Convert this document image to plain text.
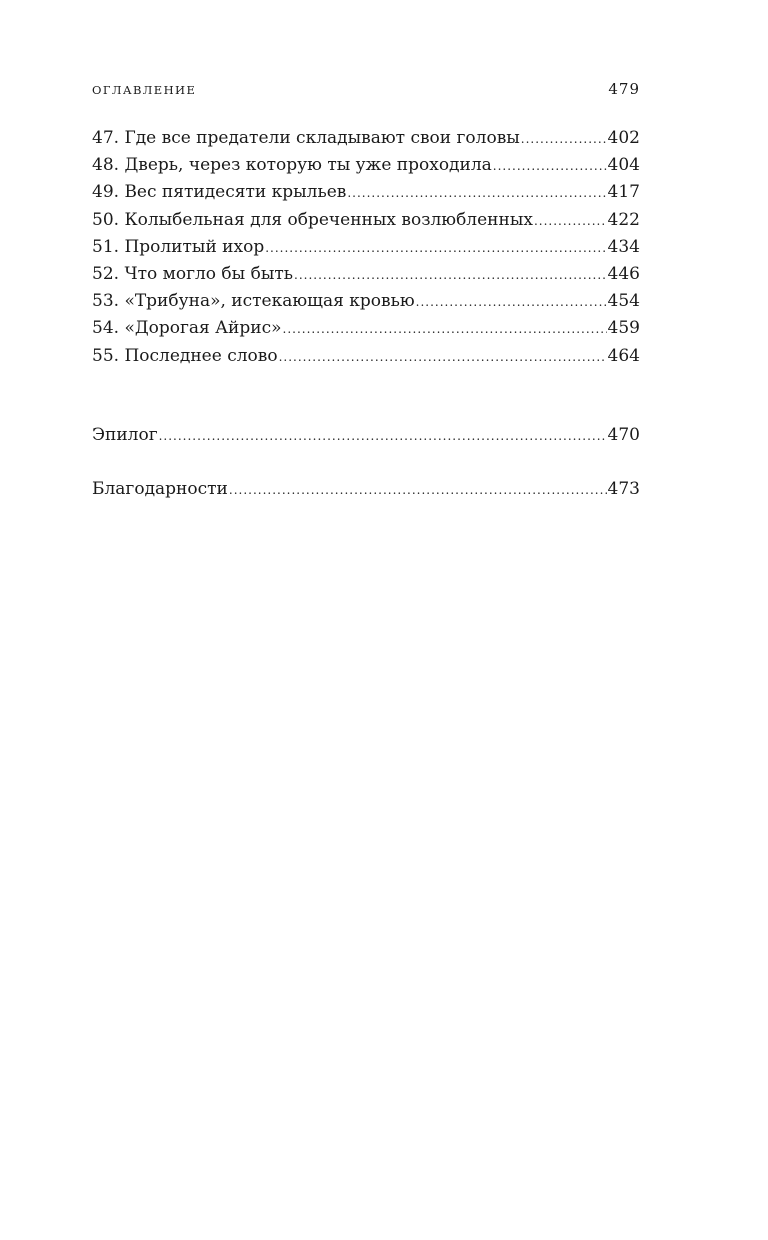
ОГЛАВЛЕНИЕ	479
47. Где все предатели складывают свои головы .....	402
48. Дверь, через которую ты уже проходила .....	404
49. Вес пятидесяти крыльев .....	417
50. Колыбельная для обреченных возлюбленных .....	422
51. Пролитый ихор .....	434
52. Что могло бы быть .....	446
53. «Трибуна», истекающая кровью .....	454
54. «Дорогая Айрис» .....	459
55. Последнее слово .....	464
Эпилог .....	470
Благодарности .....	473
